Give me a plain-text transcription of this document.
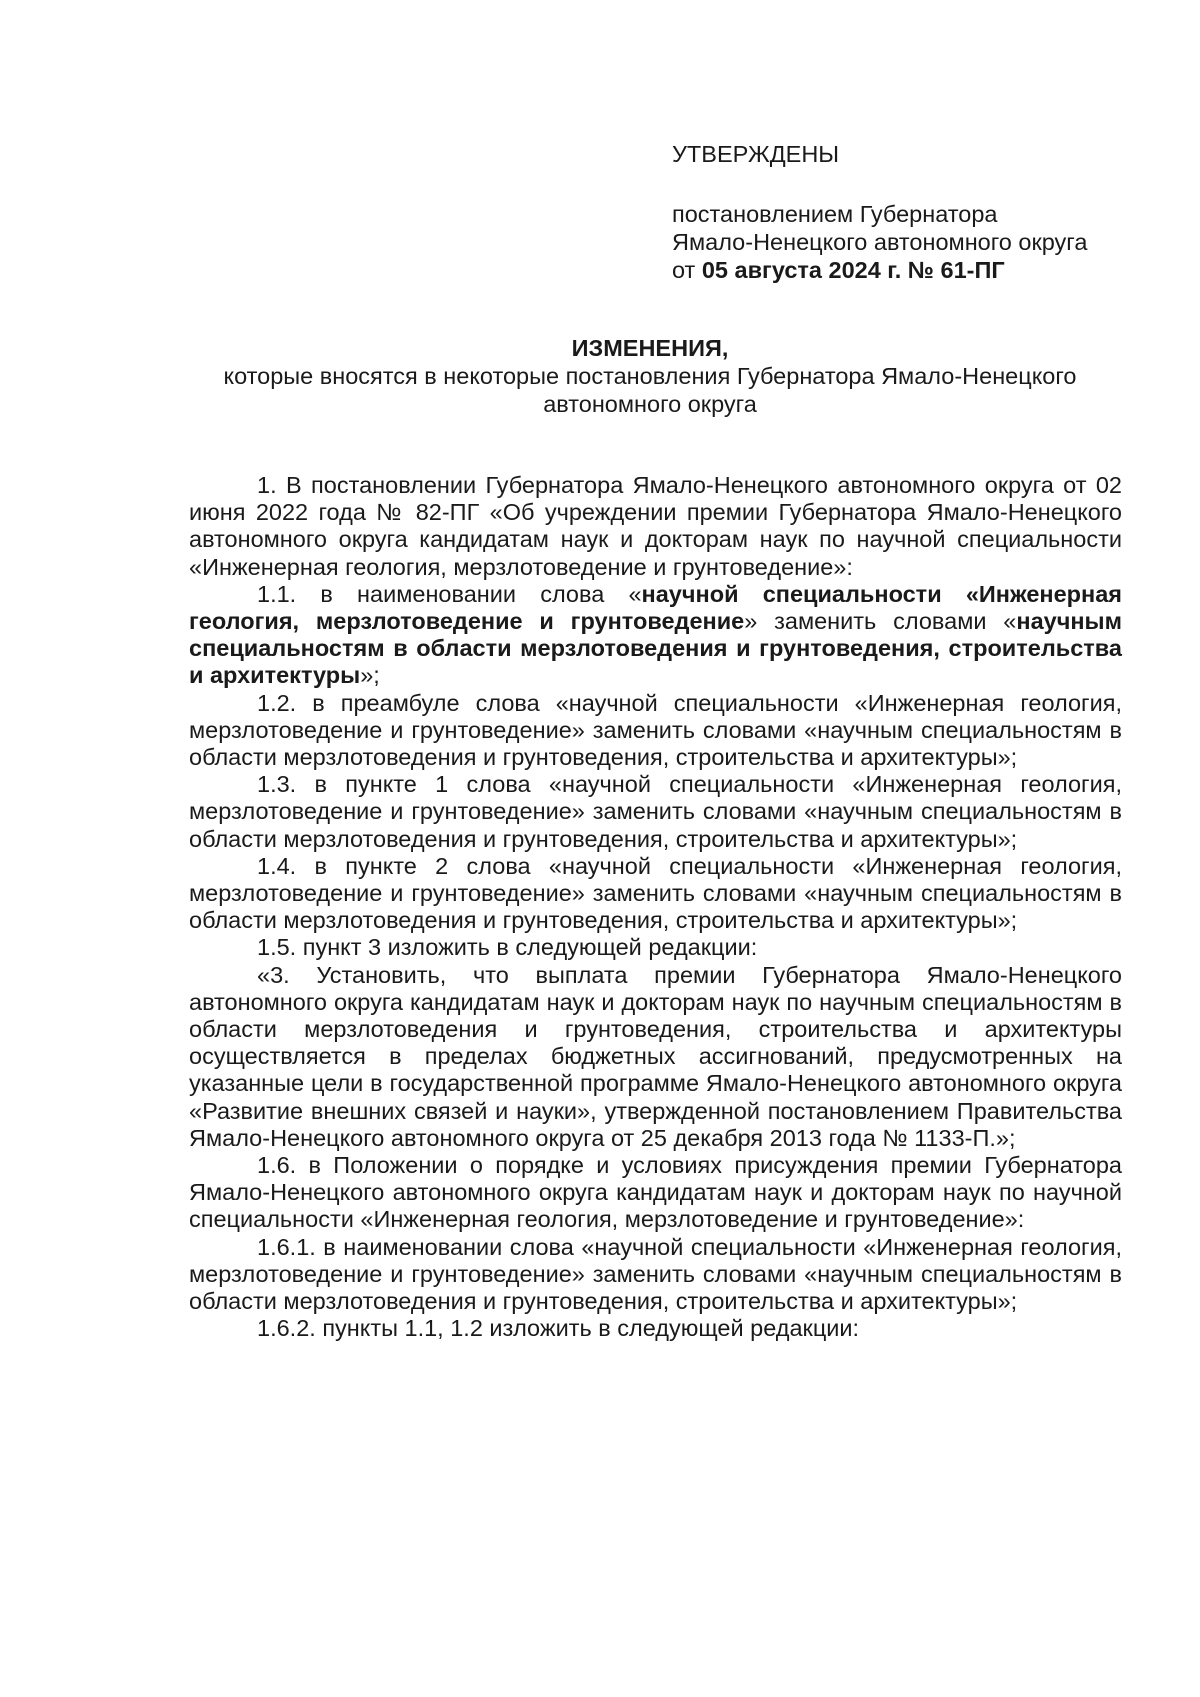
УТВЕРЖДЕНЫ

постановлением Губернатора

Ямало-Ненецкого автономного округа

от 05 августа 2024 г. № 61-ПГ

ИЗМЕНЕНИЯ,

которые вносятся в некоторые постановления Губернатора Ямало-Ненецкого автономного округа

1. В постановлении Губернатора Ямало-Ненецкого автономного округа от 02 июня 2022 года № 82-ПГ «Об учреждении премии Губернатора Ямало-Ненецкого автономного округа кандидатам наук и докторам наук по научной специальности «Инженерная геология, мерзлотоведение и грунтоведение»:

1.1. в наименовании слова «научной специальности «Инженерная геология, мерзлотоведение и грунтоведение» заменить словами «научным специальностям в области мерзлотоведения и грунтоведения, строительства и архитектуры»;

1.2. в преамбуле слова «научной специальности «Инженерная геология, мерзлотоведение и грунтоведение» заменить словами «научным специальностям в области мерзлотоведения и грунтоведения, строительства и архитектуры»;

1.3. в пункте 1 слова «научной специальности «Инженерная геология, мерзлотоведение и грунтоведение» заменить словами «научным специальностям в области мерзлотоведения и грунтоведения, строительства и архитектуры»;

1.4. в пункте 2 слова «научной специальности «Инженерная геология, мерзлотоведение и грунтоведение» заменить словами «научным специальностям в области мерзлотоведения и грунтоведения, строительства и архитектуры»;

1.5. пункт 3 изложить в следующей редакции:

«3. Установить, что выплата премии Губернатора Ямало-Ненецкого автономного округа кандидатам наук и докторам наук по научным специальностям в области мерзлотоведения и грунтоведения, строительства и архитектуры осуществляется в пределах бюджетных ассигнований, предусмотренных на указанные цели в государственной программе Ямало-Ненецкого автономного округа «Развитие внешних связей и науки», утвержденной постановлением Правительства Ямало-Ненецкого автономного округа от 25 декабря 2013 года № 1133-П.»;

1.6. в Положении о порядке и условиях присуждения премии Губернатора Ямало-Ненецкого автономного округа кандидатам наук и докторам наук по научной специальности «Инженерная геология, мерзлотоведение и грунтоведение»:

1.6.1. в наименовании слова «научной специальности «Инженерная геология, мерзлотоведение и грунтоведение» заменить словами «научным специальностям в области мерзлотоведения и грунтоведения, строительства и архитектуры»;

1.6.2. пункты 1.1, 1.2 изложить в следующей редакции:
